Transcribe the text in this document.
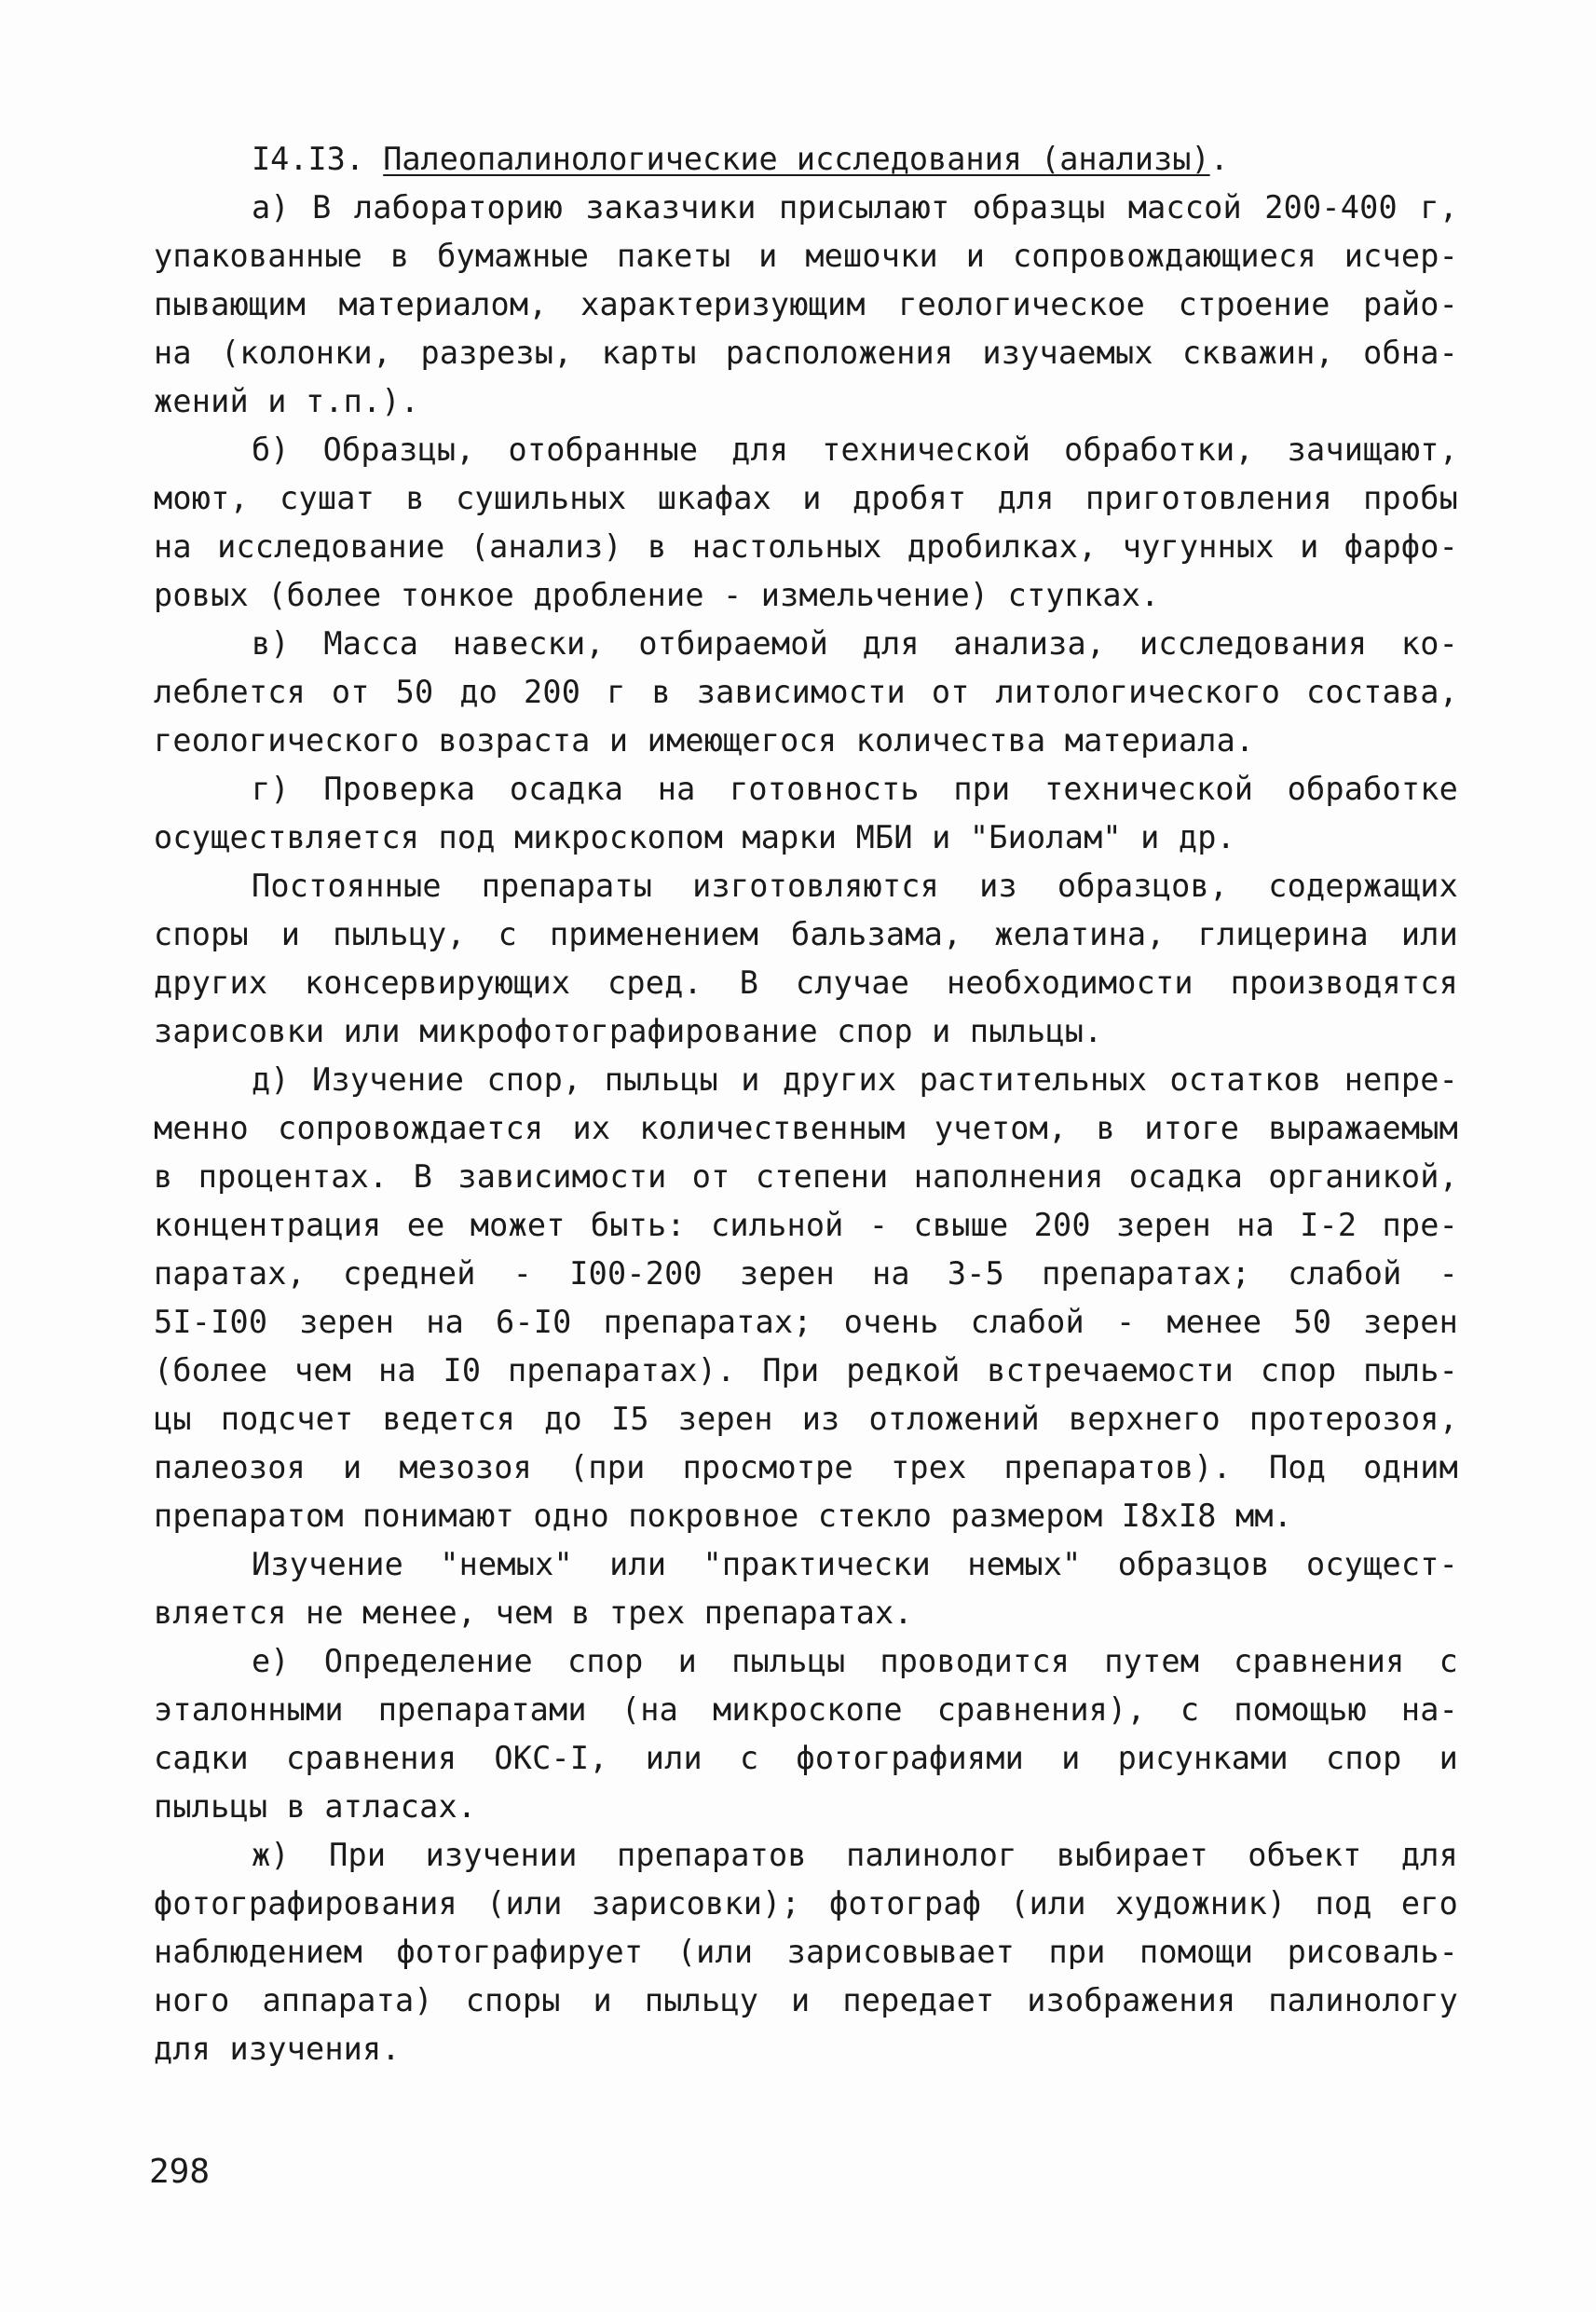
I4.I3. Палеопалинологические исследования (анализы).
а) В лабораторию заказчики присылают образцы массой 200-400 г,
упакованные в бумажные пакеты и мешочки и сопровождающиеся исчер-
пывающим материалом, характеризующим геологическое строение райо-
на (колонки, разрезы, карты расположения изучаемых скважин, обна-
жений и т.п.).
б) Образцы, отобранные для технической обработки, зачищают,
моют, сушат в сушильных шкафах и дробят для приготовления пробы
на исследование (анализ) в настольных дробилках, чугунных и фарфо-
ровых (более тонкое дробление - измельчение) ступках.
в) Масса навески, отбираемой для анализа, исследования ко-
леблется от 50 до 200 г в зависимости от литологического состава,
геологического возраста и имеющегося количества материала.
г) Проверка осадка на готовность при технической обработке
осуществляется под микроскопом марки МБИ и "Биолам" и др.
Постоянные препараты изготовляются из образцов, содержащих
споры и пыльцу, с применением бальзама, желатина, глицерина или
других консервирующих сред. В случае необходимости производятся
зарисовки или микрофотографирование спор и пыльцы.
д) Изучение спор, пыльцы и других растительных остатков непре-
менно сопровождается их количественным учетом, в итоге выражаемым
в процентах. В зависимости от степени наполнения осадка органикой,
концентрация ее может быть: сильной - свыше 200 зерен на I-2 пре-
паратах, средней - I00-200 зерен на 3-5 препаратах; слабой -
5I-I00 зерен на 6-I0 препаратах; очень слабой - менее 50 зерен
(более чем на I0 препаратах). При редкой встречаемости спор пыль-
цы подсчет ведется до I5 зерен из отложений верхнего протерозоя,
палеозоя и мезозоя (при просмотре трех препаратов). Под одним
препаратом понимают одно покровное стекло размером I8xI8 мм.
Изучение "немых" или "практически немых" образцов осущест-
вляется не менее, чем в трех препаратах.
е) Определение спор и пыльцы проводится путем сравнения с
эталонными препаратами (на микроскопе сравнения), с помощью на-
садки сравнения ОКС-I, или с фотографиями и рисунками спор и
пыльцы в атласах.
ж) При изучении препаратов палинолог выбирает объект для
фотографирования (или зарисовки); фотограф (или художник) под его
наблюдением фотографирует (или зарисовывает при помощи рисоваль-
ного аппарата) споры и пыльцу и передает изображения палинологу
для изучения.
298
